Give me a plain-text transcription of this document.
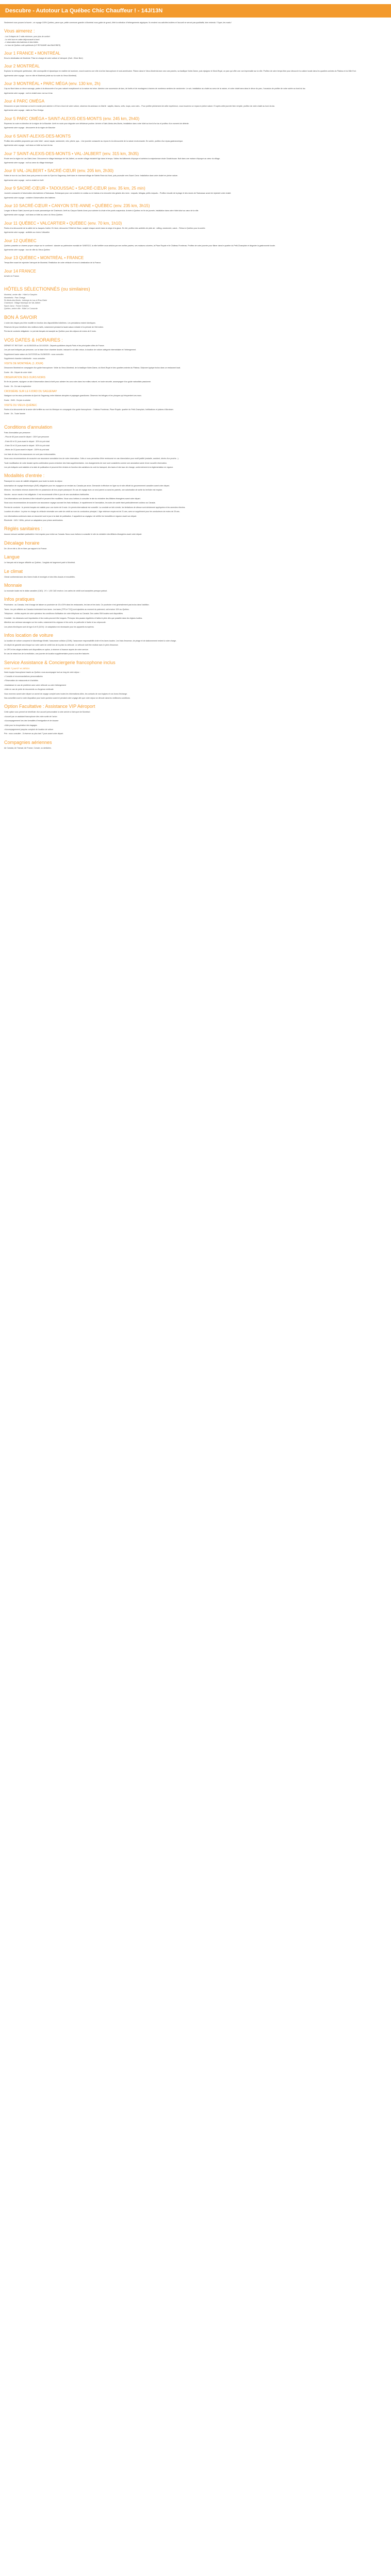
Descubre - Autotour La Québec Chic Chauffeur ! - 14J/13N

Seulement vous pouvez la fournir ; ce voyage 100% Québec, parce que, petite commune grandie à Montréal vous guide de grand, d'été la sélection d'hébergements atypiques. Ils rendent vos activités incitées et l'accueil ne seront pas qualitatifs, bien entendu ! Super, les roads !

Vous aimerez :
- Les 5 étapes de 2 nuits minimum, pour plus de confort
- Le mini tour en crabe déjà souscrit à bord
- L'observation des baleines et des hôtels
- Le tour de Québec coté québécois (LE ROYAUME des BALEINES)
Jour 1 FRANCE • MONTRÉAL

Envol à destination de Montréal. Prise en charge de votre voiture à l'aéroport. (Nuit - Dîner libre)

Jour 2 MONTRÉAL

Explorez la métropole québécoise, ville cosmopolite et dynamique en matière de tourisme, vous trouverez une ville à la fois francophone et nord-américaine. Flânez dans le Vieux-Montréal avec ses rues pavées, sa basilique Notre-Dame, puis rejoignez le Mont-Royal, un parc qui offre une vue imprenable sur la ville. Profitez de votre temps libre pour découvrir la cuisine locale dans les quartiers animés du Plateau et du Mile End.

Agréments votre voyage : tour en ville et Montréal (visite sur la route du Vieux-Montréal)

Jour 3 MONTRÉAL • PARC MÉGA (env. 130 km, 2h)

Cap au Nord dans un décor sauvage, partez à la découverte d'un parc naturel exceptionnel où la nature est reine. Admirez une succession de lacs, de forêts et de montagnes à travers de nombreux sentiers de randonnée. Le soir, installation au chalet au cœur de la nature, et votre chalet sera dans le décor du parc, l'occasion de profiter de votre soirée au bord du lac.

Agréments votre voyage : nuit en chalet avec vue sur le lac

Jour 4 PARC OMÉGA

Découvrez ce parc immense où tout le monde peut admirer à 20 km à bord de votre voiture, observez les animaux en liberté : wapitis, bisons, cerfs, loups, ours noirs... Pour profiter pleinement de cette expérience, vous trouverez un repas en pleine nature. Et après cette journée bien remplie, profitez de votre chalet au bord du lac.

Agréments votre voyage : visite du Parc Oméga

Jour 5 PARC OMÉGA • SAINT-ALEXIS-DES-MONTS (env. 245 km, 2h40)

Reprenez la route en direction de la région de la Mauricie. Arrêt en route pour déguster une délicieuse poutine. Arrivée à Saint-Alexis-des-Monts, installation dans votre hôtel au bord d'un lac et profitez d'un moment de détente.

Agréments votre voyage : découverte de la région de Mauricie

Jour 6 SAINT-ALEXIS-DES-MONTS

Profitez des activités proposées par votre hôtel : canot, kayak, randonnée, vélo, pêche, spa... Une journée consacrée au repos et à la découverte de la nature environnante. En soirée, profitez d'un repas gastronomique.

Agréments votre voyage : nuit dans un hôtel au bord du lac

Jour 7 SAINT-ALEXIS-DES-MONTS • VAL-JALBERT (env. 315 km, 3h35)

Route vers la région du Lac-Saint-Jean. Découvrez le village historique de Val-Jalbert, un ancien village industriel figé dans le temps. Visitez les bâtiments d'époque et admirez la majestueuse chute Ouiatchouan. Nuit dans une maison d'époque au cœur du village.

Agréments votre voyage : nuit au cœur du village historique

Jour 8 VAL-JALBERT • SACRÉ-CŒUR (env. 205 km, 2h30)

Faites le tour du Lac-Saint-Jean puis prenez la route du Fjord du Saguenay. Arrêt dans le charmant village de Sainte-Rose-du-Nord, puis poursuite vers Sacré-Cœur. Installation dans votre chalet en pleine nature.

Agréments votre voyage : nuit en chalet en forêt

Jour 9 SACRÉ-CŒUR • TADOUSSAC • SACRÉ-CŒUR (env. 35 km, 25 min)

Journée consacrée à l'observation des baleines à Tadoussac. Embarquez pour une croisière en zodiac ou en bateau à la rencontre des géants des mers : rorquals, bélugas, petits rorquals... Profitez ensuite de la plage et des dunes de Tadoussac avant de rejoindre votre chalet.

Agréments votre voyage : croisière d'observation des baleines

Jour 10 SACRÉ-CŒUR • CANYON STE-ANNE • QUÉBEC (env. 235 km, 3h15)

Longez le fleuve Saint-Laurent par la route panoramique de Charlevoix. Arrêt au Canyon Sainte-Anne pour admirer la chute et les ponts suspendus. Arrivée à Québec en fin de journée, installation dans votre hôtel situé au cœur de la ville.

Agréments votre voyage : nuit dans un hôtel au cœur du Vieux-Québec

Jour 11 QUÉBEC • VALCARTIER • QUÉBEC (env. 70 km, 1h10)

Partez à la découverte de la vallée de la Jacques-Cartier. En hiver, découvrez l'Hôtel de Glace, sculpté chaque année dans la neige et la glace. En été, profitez des activités de plein air : rafting, randonnée, canot... Retour à Québec pour la soirée.

Agréments votre voyage : activités au choix à Valcartier

Jour 12 QUÉBEC

Québec possède un charme propre unique sur le continent : classée au patrimoine mondial de l'UNESCO, la ville fortifiée vous séduira par ses ruelles pavées, ses maisons colorées, la Place Royale et le Château Frontenac. Profitez de votre journée pour flâner dans le quartier du Petit-Champlain et déguster la gastronomie locale.

Agréments votre voyage : tour de ville du Vieux-Québec

Jour 13 QUÉBEC • MONTRÉAL • FRANCE

Temps libre avant de rejoindre l'aéroport de Montréal. Restitution de votre véhicule et envol à destination de la France.

Jour 14 FRANCE

Arrivée en France.

HÔTELS SÉLECTIONNÉS (ou similaires)
Montréal, centre ville : Hôtel Le Dauphin
Montebello : Parc Oméga
St-Alexis-des-Monts : Auberge du Lac-à-l'Eau-Claire
Chambord : Village historique de Val-Jalbert
Sacré-Cœur : Ferme 5 étoiles
Québec, centre ville : Hôtel Le Concorde
BON À SAVOIR

L'ordre des étapes peut être modifié en fonction des disponibilités hôtelières. Les prestations restent identiques.

Réservez tôt pour bénéficier des meilleurs tarifs, notamment pendant la haute saison estivale et la période de l'été indien.

Permis de conduire obligatoire. Le permis français est accepté au Québec pour des séjours de moins de 6 mois.

VOS DATES & HORAIRES :

DÉPART ET RETOUR : du 01/05/2025 au 31/10/2025 - Départs quotidiens depuis Paris et les principales villes de France.

Les prix sont indiqués par personne, sur la base d'une chambre double, incluant le vol aller-retour, la location de voiture catégorie intermédiaire et l'hébergement.

Supplément haute saison du 01/07/2025 au 31/08/2025 : nous consulter.

Supplément chambre individuelle : nous consulter.

VISITE DE MONTRÉAL (1 JOUR)

Découvrez Montréal en compagnie d'un guide francophone. Visite du Vieux-Montréal, de la basilique Notre-Dame, du Mont-Royal et des quartiers animés du Plateau. Déjeuner typique inclus dans un restaurant local.

Durée : 8h - Départ de votre hôtel

OBSERVATION DES OURS NOIRS

En fin de journée, rejoignez un site d'observation dans la forêt pour admirer les ours noirs dans leur milieu naturel, en toute sécurité, accompagné d'un guide naturaliste passionné.

Durée : 3h - De mai à septembre

CROISIÈRE SUR LE FJORD DU SAGUENAY

Naviguez sur les eaux profondes du fjord du Saguenay, entre falaises abruptes et paysages grandioses. Observez les bélugas et les phoques qui fréquentent ces eaux.

Durée : 3h30 - De juin à octobre

VISITE DU VIEUX-QUÉBEC

Partez à la découverte de la seule ville fortifiée au nord du Mexique en compagnie d'un guide francophone : Château Frontenac, Place Royale, quartier du Petit-Champlain, fortifications et plaines d'Abraham.

Durée : 3h - Toute l'année

Conditions d'annulation

Frais d'annulation par personne :

- Plus de 60 jours avant le départ : 150 € par personne

- Entre 60 et 31 jours avant le départ : 30% du prix total

- Entre 30 et 15 jours avant le départ : 50% du prix total

- Moins de 15 jours avant le départ : 100% du prix total

Les frais de visa et les assurances ne sont pas remboursables.

Nous vous recommandons de souscrire une assurance annulation lors de votre réservation. Celle-ci vous permettra d'être remboursé en cas d'annulation pour motif justifié (maladie, accident, décès d'un proche...).

Toute modification de votre dossier après confirmation pourra entraîner des frais supplémentaires. Les changements de nom sont considérés comme une annulation suivie d'une nouvelle réservation.

Les prix indiqués sont valables à la date de publication et peuvent être révisés en fonction des variations du coût du transport, des taxes et des taux de change, conformément à la réglementation en vigueur.

Modalités d'entrée :

Passeport en cours de validité obligatoire pour toute la durée du séjour.

Autorisation de voyage électronique (AVE) obligatoire pour les voyageurs se rendant au Canada par avion. Demande à effectuer en ligne sur le site officiel du gouvernement canadien avant votre départ.

Mineurs : les enfants mineurs doivent être en possession de leur propre passeport. En cas de voyage avec un seul parent ou sans les parents, une autorisation de sortie du territoire est requise.

Vaccins : aucun vaccin n'est obligatoire. Il est recommandé d'être à jour de ses vaccinations habituelles.

Ces informations sont données à titre indicatif et peuvent être modifiées. Nous vous invitons à consulter le site du ministère des Affaires étrangères avant votre départ.

Nous vous recommandons de souscrire une assurance voyage couvrant les frais médicaux, le rapatriement et l'annulation, les soins de santé étant particulièrement coûteux au Canada.

Permis de conduire : le permis français est valable pour une durée de 6 mois. Un permis international est conseillé. La conduite se fait à droite, les limitations de vitesse sont strictement appliquées et les amendes élevées.

Location de voiture : la prise en charge du véhicule nécessite une carte de crédit au nom du conducteur principal. L'âge minimum requis est de 21 ans, avec un supplément pour les conducteurs de moins de 25 ans.

Les informations contenues dans ce document sont à jour à la date de publication. Il appartient au voyageur de vérifier les formalités en vigueur avant son départ.

Électricité : 110V / 60Hz, prévoir un adaptateur pour prises américaines.

Réglés sanitaires :

Aucune mesure sanitaire particulière n'est requise pour entrer au Canada. Nous vous invitons à consulter le site du ministère des Affaires étrangères avant votre départ.

Décalage horaire

De -6h en été à -6h en hiver par rapport à la France.

Langue

Le français est la langue officielle au Québec ; l'anglais est largement parlé à Montréal.

Le climat

Climat continental avec des hivers froids et enneigés et des étés chauds et ensoleillés.

Monnaie

La monnaie locale est le dollar canadien (CAD). 1 € = 1,50 CAD environ. Les cartes de crédit sont acceptées presque partout.

Infos pratiques

Pourboires : au Canada, il est d'usage de laisser un pourboire de 15 à 20% dans les restaurants, les bars et les taxis. Ce pourboire n'est généralement pas inclus dans l'addition.

Taxes : les prix affichés au Canada s'entendent hors taxes. Les taxes (TPS et TVQ) sont ajoutées au moment du paiement, soit environ 15% au Québec.

Téléphone : vérifiez auprès de votre opérateur les conditions d'utilisation de votre téléphone au Canada. Des cartes SIM locales sont disponibles.

Conduite : les distances sont importantes et les routes peuvent être longues. Prévoyez des pauses régulières et faites le plein dès que possible dans les régions isolées.

Attention aux animaux sauvages sur les routes, notamment les orignaux et les cerfs, en particulier à l'aube et au crépuscule.

Les prises électriques sont de type A et B (110V). Un adaptateur est nécessaire pour les appareils européens.

Infos location de voiture

La location de voiture comprend le kilométrage illimité, l'assurance collision (CDW), l'assurance responsabilité civile et les taxes locales. Les frais d'essence, de péage et de stationnement restent à votre charge.

Un dépôt de garantie sera bloqué sur votre carte de crédit lors de la prise du véhicule. Le véhicule doit être restitué avec le plein d'essence.

Le GPS et les sièges enfants sont disponibles en option, à réserver à l'avance auprès de notre service.

En cas de retard lors de la restitution, une journée de location supplémentaire pourra vous être facturée.

Service Assistance & Conciergerie francophone inclus
Dédié 7 jours/7 et 24h/24

Notre équipe francophone basée au Québec vous accompagne tout au long de votre séjour :

• Conseils et recommandations personnalisées

• Réservation de restaurants et d'activités

• Assistance en cas de problème avec votre véhicule ou votre hébergement

• Aide en cas de perte de documents ou d'urgence médicale

Vous recevrez avant votre départ un carnet de voyage complet avec toutes les informations utiles, les contacts de nos équipes et vos bons d'échange.

Nos conseillers sont à votre disposition pour toute question avant et pendant votre voyage afin que votre séjour se déroule dans les meilleures conditions.

Option Facultative : Assistance VIP Aéroport

Cette option vous permet de bénéficier d'un accueil personnalisé à votre arrivée à l'aéroport de Montréal :

• Accueil par un assistant francophone dès votre sortie de l'avion

• Accompagnement lors des formalités d'immigration et de douane

• Aide pour la récupération des bagages

• Accompagnement jusqu'au comptoir de location de voiture

Prix : nous consulter - À réserver au plus tard 7 jours avant votre départ.

Compagnies aériennes

Air Canada, Air Transat, Air France, Corsair, ou similaires.
